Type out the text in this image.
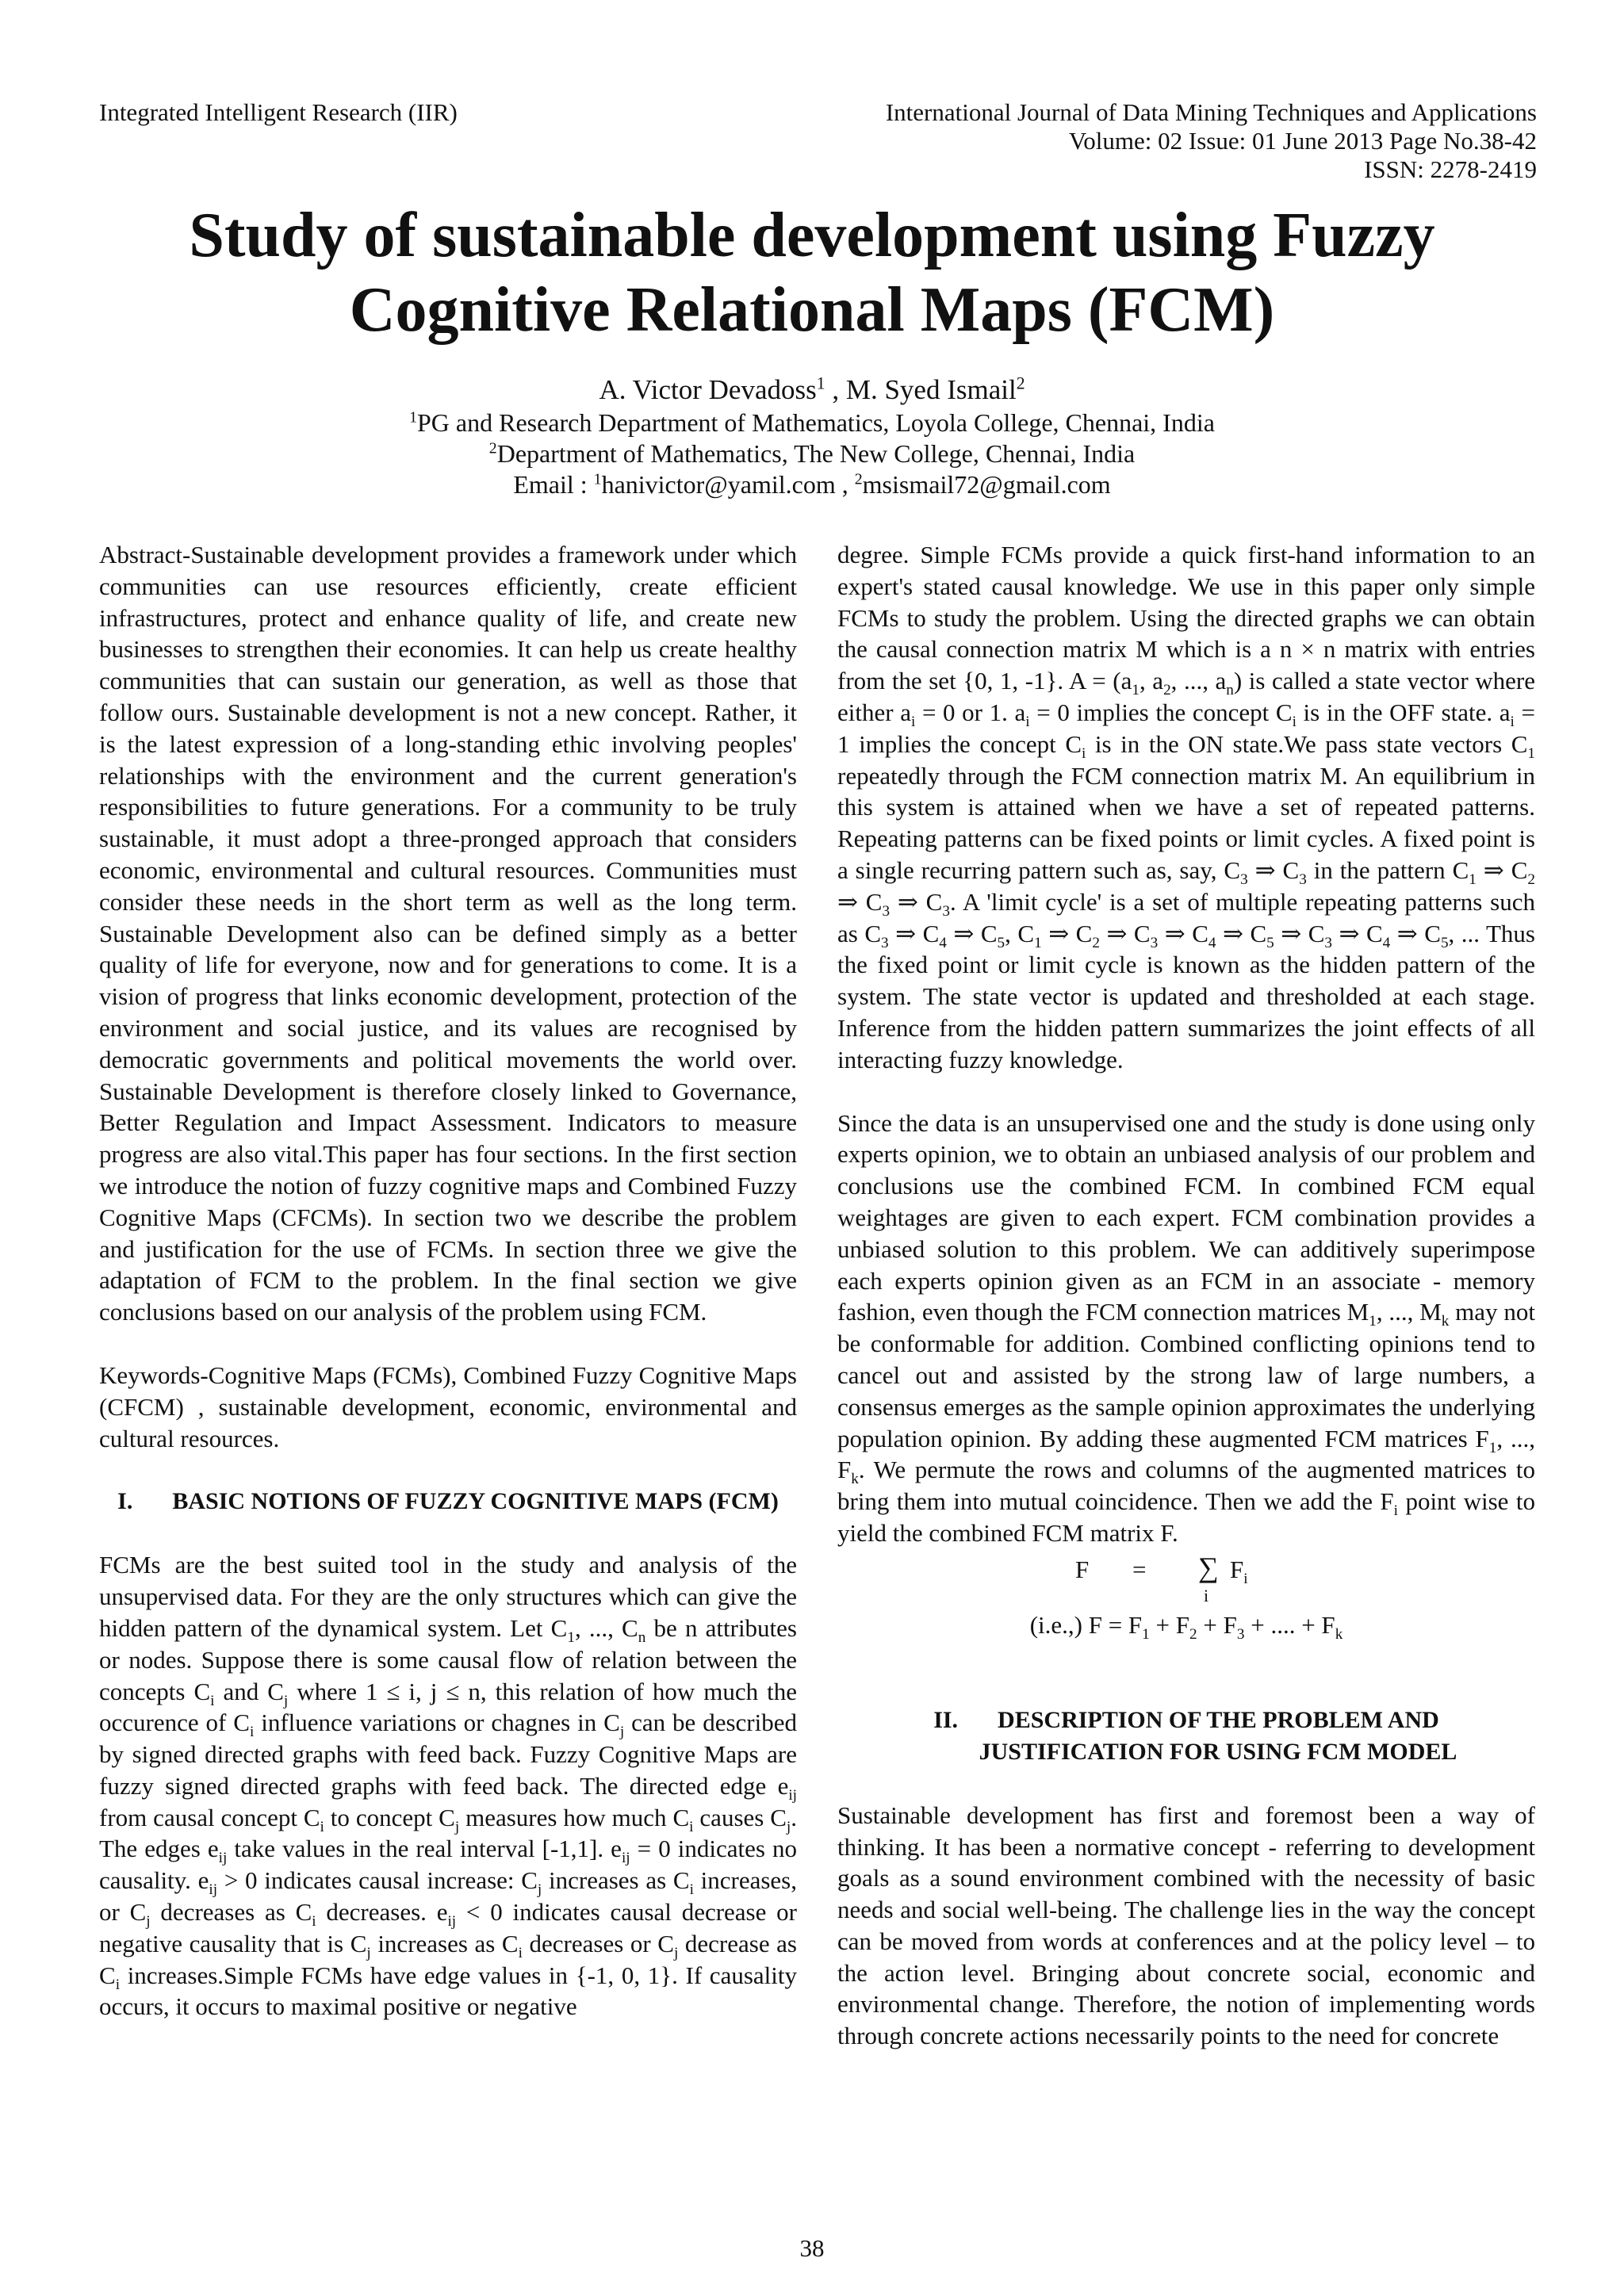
Integrated Intelligent Research (IIR)	International Journal of Data Mining Techniques and Applications
Volume: 02 Issue: 01 June 2013 Page No.38-42
ISSN: 2278-2419
Study of sustainable development using Fuzzy
Cognitive Relational Maps (FCM)
A. Victor Devadoss$^1$ , M. Syed Ismail$^2$
$^1$PG and Research Department of Mathematics, Loyola College, Chennai, India
$^2$Department of Mathematics, The New College, Chennai, India
Email : $^1$hanivictor@yamil.com , $^2$msismail72@gmail.com

Abstract-Sustainable development provides a framework under which communities can use resources efficiently, create efficient infrastructures, protect and enhance quality of life, and create new businesses to strengthen their economies. It can help us create healthy communities that can sustain our generation, as well as those that follow ours. Sustainable development is not a new concept. Rather, it is the latest expression of a long-standing ethic involving peoples' relationships with the environment and the current generation's responsibilities to future generations. For a community to be truly sustainable, it must adopt a three-pronged approach that considers economic, environmental and cultural resources. Communities must consider these needs in the short term as well as the long term. Sustainable Development also can be defined simply as a better quality of life for everyone, now and for generations to come. It is a vision of progress that links economic development, protection of the environment and social justice, and its values are recognised by democratic governments and political movements the world over. Sustainable Development is therefore closely linked to Governance, Better Regulation and Impact Assessment. Indicators to measure progress are also vital.This paper has four sections. In the first section we introduce the notion of fuzzy cognitive maps and Combined Fuzzy Cognitive Maps (CFCMs). In section two we describe the problem and justification for the use of FCMs. In section three we give the adaptation of FCM to the problem. In the final section we give conclusions based on our analysis of the problem using FCM.

Keywords-Cognitive Maps (FCMs), Combined Fuzzy Cognitive Maps (CFCM) , sustainable development, economic, environmental and cultural resources.

I. BASIC NOTIONS OF FUZZY COGNITIVE MAPS (FCM)

FCMs are the best suited tool in the study and analysis of the unsupervised data. For they are the only structures which can give the hidden pattern of the dynamical system. Let $C_1$, ..., $C_n$ be n attributes or nodes. Suppose there is some causal flow of relation between the concepts $C_i$ and $C_j$ where 1 ≤ i, j ≤ n, this relation of how much the occurence of $C_i$ influence variations or chagnes in $C_j$ can be described by signed directed graphs with feed back. Fuzzy Cognitive Maps are fuzzy signed directed graphs with feed back. The directed edge $e_{ij}$ from causal concept $C_i$ to concept $C_j$ measures how much $C_i$ causes $C_j$. The edges $e_{ij}$ take values in the real interval [-1,1]. $e_{ij} = 0$ indicates no causality. $e_{ij} > 0$ indicates causal increase: $C_j$ increases as $C_i$ increases, or $C_j$ decreases as $C_i$ decreases. $e_{ij} < 0$ indicates causal decrease or negative causality that is $C_j$ increases as $C_i$ decreases or $C_j$ decrease as $C_i$ increases.Simple FCMs have edge values in {-1, 0, 1}. If causality occurs, it occurs to maximal positive or negative

degree. Simple FCMs provide a quick first-hand information to an expert's stated causal knowledge. We use in this paper only simple FCMs to study the problem. Using the directed graphs we can obtain the causal connection matrix M which is a n × n matrix with entries from the set {0, 1, -1}. $A = (a_1$, $a_2$, ..., $a_n$) is called a state vector where either $a_i = 0$ or 1. $a_i = 0$ implies the concept $C_i$ is in the OFF state. $a_i = 1$ implies the concept $C_i$ is in the ON state.We pass state vectors $C_1$ repeatedly through the FCM connection matrix M. An equilibrium in this system is attained when we have a set of repeated patterns. Repeating patterns can be fixed points or limit cycles. A fixed point is a single recurring pattern such as, say, $C_3$ ⇒ $C_3$ in the pattern $C_1$ ⇒ $C_2$ ⇒ $C_3$ ⇒ $C_3$. A 'limit cycle' is a set of multiple repeating patterns such as $C_3$ ⇒ $C_4$ ⇒ $C_5$, $C_1$ ⇒ $C_2$ ⇒ $C_3$ ⇒ $C_4$ ⇒ $C_5$ ⇒ $C_3$ ⇒ $C_4$ ⇒ $C_5$, ... Thus the fixed point or limit cycle is known as the hidden pattern of the system. The state vector is updated and thresholded at each stage. Inference from the hidden pattern summarizes the joint effects of all interacting fuzzy knowledge.

Since the data is an unsupervised one and the study is done using only experts opinion, we to obtain an unbiased analysis of our problem and conclusions use the combined FCM. In combined FCM equal weightages are given to each expert. FCM combination provides a unbiased solution to this problem. We can additively superimpose each experts opinion given as an FCM in an associate - memory fashion, even though the FCM connection matrices $M_1$, ..., $M_k$ may not be conformable for addition. Combined conflicting opinions tend to cancel out and assisted by the strong law of large numbers, a consensus emerges as the sample opinion approximates the underlying population opinion. By adding these augmented FCM matrices $F_1$, ..., $F_k$. We permute the rows and columns of the augmented matrices to bring them into mutual coincidence. Then we add the $F_i$ point wise to yield the combined FCM matrix F.

F = ∑ $F_i$
i
(i.e.,) $F = F_1 + F_2 + F_3$ + .... + $F_k$
II. DESCRIPTION OF THE PROBLEM AND
JUSTIFICATION FOR USING FCM MODEL

Sustainable development has first and foremost been a way of thinking. It has been a normative concept - referring to development goals as a sound environment combined with the necessity of basic needs and social well-being. The challenge lies in the way the concept can be moved from words at conferences and at the policy level – to the action level. Bringing about concrete social, economic and environmental change. Therefore, the notion of implementing words through concrete actions necessarily points to the need for concrete

38
